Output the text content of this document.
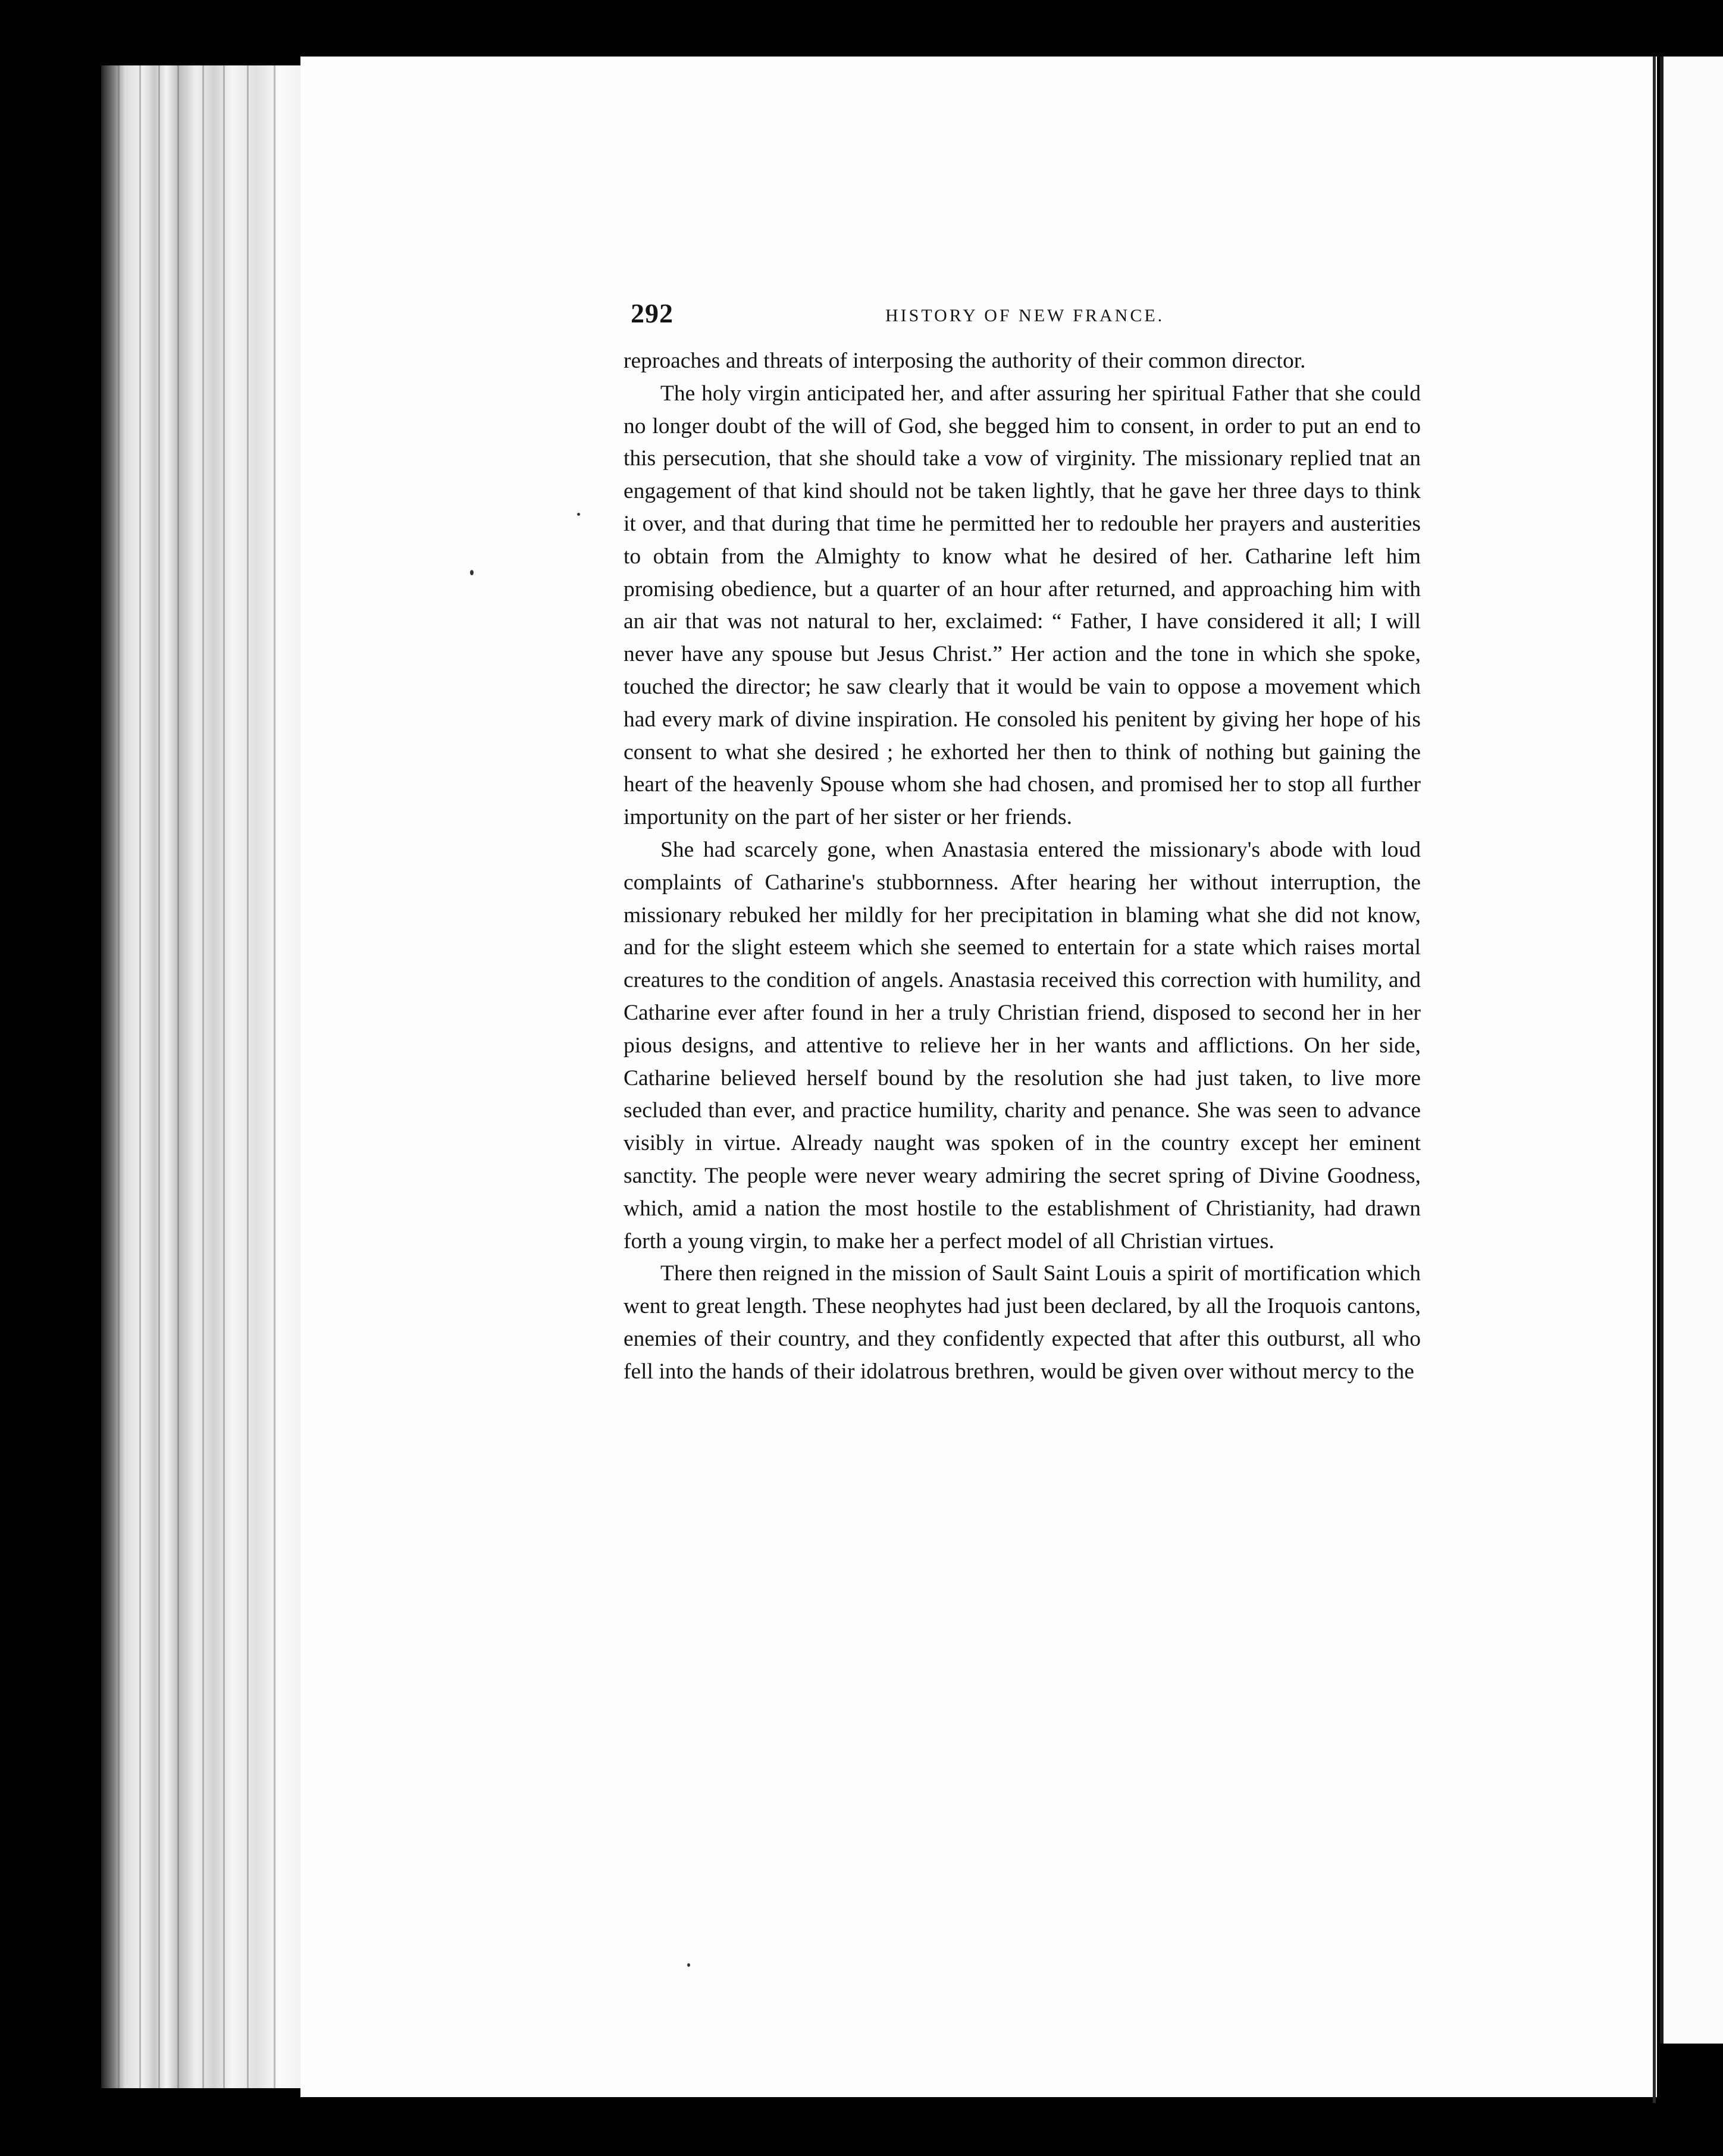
292	HISTORY OF NEW FRANCE.

reproaches and threats of interposing the authority of their common director.

The holy virgin anticipated her, and after assuring her spiritual Father that she could no longer doubt of the will of God, she begged him to consent, in order to put an end to this persecution, that she should take a vow of virginity. The missionary replied tnat an engagement of that kind should not be taken lightly, that he gave her three days to think it over, and that during that time he permitted her to redouble her prayers and austerities to obtain from the Almighty to know what he desired of her. Catharine left him promising obedience, but a quarter of an hour after returned, and approaching him with an air that was not natural to her, exclaimed: “ Father, I have considered it all; I will never have any spouse but Jesus Christ.” Her action and the tone in which she spoke, touched the director; he saw clearly that it would be vain to oppose a movement which had every mark of divine inspiration. He consoled his penitent by giving her hope of his consent to what she desired ; he exhorted her then to think of nothing but gaining the heart of the heavenly Spouse whom she had chosen, and promised her to stop all further importunity on the part of her sister or her friends.

She had scarcely gone, when Anastasia entered the missionary's abode with loud complaints of Catharine's stubbornness. After hearing her without interruption, the missionary rebuked her mildly for her precipitation in blaming what she did not know, and for the slight esteem which she seemed to entertain for a state which raises mortal creatures to the condition of angels. Anastasia received this correction with humility, and Catharine ever after found in her a truly Christian friend, disposed to second her in her pious designs, and attentive to relieve her in her wants and afflictions. On her side, Catharine believed herself bound by the resolution she had just taken, to live more secluded than ever, and practice humility, charity and penance. She was seen to advance visibly in virtue. Already naught was spoken of in the country except her eminent sanctity. The people were never weary admiring the secret spring of Divine Goodness, which, amid a nation the most hostile to the establishment of Christianity, had drawn forth a young virgin, to make her a perfect model of all Christian virtues.

There then reigned in the mission of Sault Saint Louis a spirit of mortification which went to great length. These neophytes had just been declared, by all the Iroquois cantons, enemies of their country, and they confidently expected that after this outburst, all who fell into the hands of their idolatrous brethren, would be given over without mercy to the
